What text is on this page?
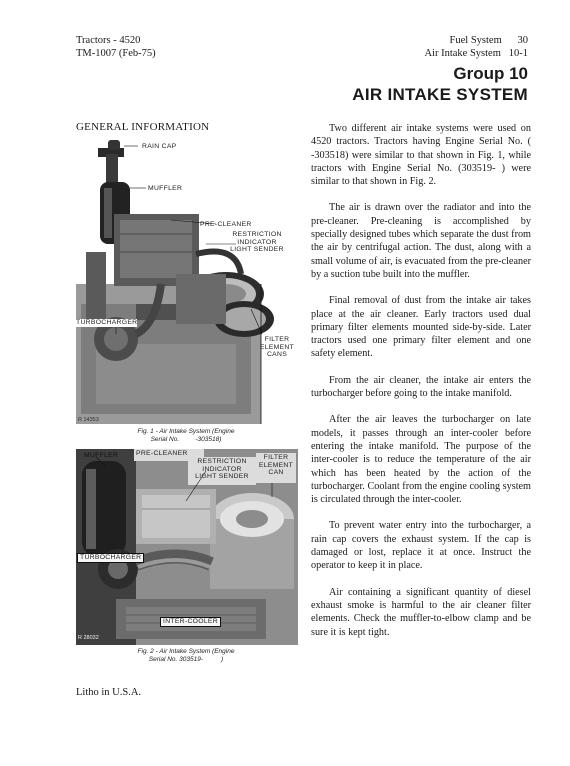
Tractors - 4520
TM-1007 (Feb-75)
Fuel System      30
Air Intake System   10-1
Group 10
AIR INTAKE SYSTEM
GENERAL INFORMATION
RAIN CAP
MUFFLER
PRE-CLEANER
RESTRICTION
INDICATOR
LIGHT SENDER
TURBOCHARGER
FILTER
ELEMENT
CANS
R 14353
Fig. 1 - Air Intake System (Engine
Serial No.         -303518)
MUFFLER	PRE-CLEANER
RESTRICTION
INDICATOR
LIGHT SENDER
FILTER
ELEMENT
CAN
TURBOCHARGER
INTER-COOLER
R 28032
Fig. 2 - Air Intake System (Engine
Serial No. 303519-          )

Two different air intake systems were used on 4520 tractors. Tractors having Engine Serial No. ( -303518) were similar to that shown in Fig. 1, while tractors with Engine Serial No. (303519- ) were similar to that shown in Fig. 2.

The air is drawn over the radiator and into the pre-cleaner. Pre-cleaning is accomplished by specially designed tubes which separate the dust from the air by centrifugal action. The dust, along with a small volume of air, is evacuated from the pre-cleaner by a suction tube built into the muffler.

Final removal of dust from the intake air takes place at the air cleaner. Early tractors used dual primary filter elements mounted side-by-side. Later tractors used one primary filter element and one safety element.

From the air cleaner, the intake air enters the turbocharger before going to the intake manifold.

After the air leaves the turbocharger on late models, it passes through an inter-cooler before entering the intake manifold. The purpose of the inter-cooler is to reduce the temperature of the air which has been heated by the action of the turbocharger. Coolant from the engine cooling system is circulated through the inter-cooler.

To prevent water entry into the turbocharger, a rain cap covers the exhaust system. If the cap is damaged or lost, replace it at once. Instruct the operator to keep it in place.

Air containing a significant quantity of diesel exhaust smoke is harmful to the air cleaner filter elements. Check the muffler-to-elbow clamp and be sure it is kept tight.

Litho in U.S.A.
